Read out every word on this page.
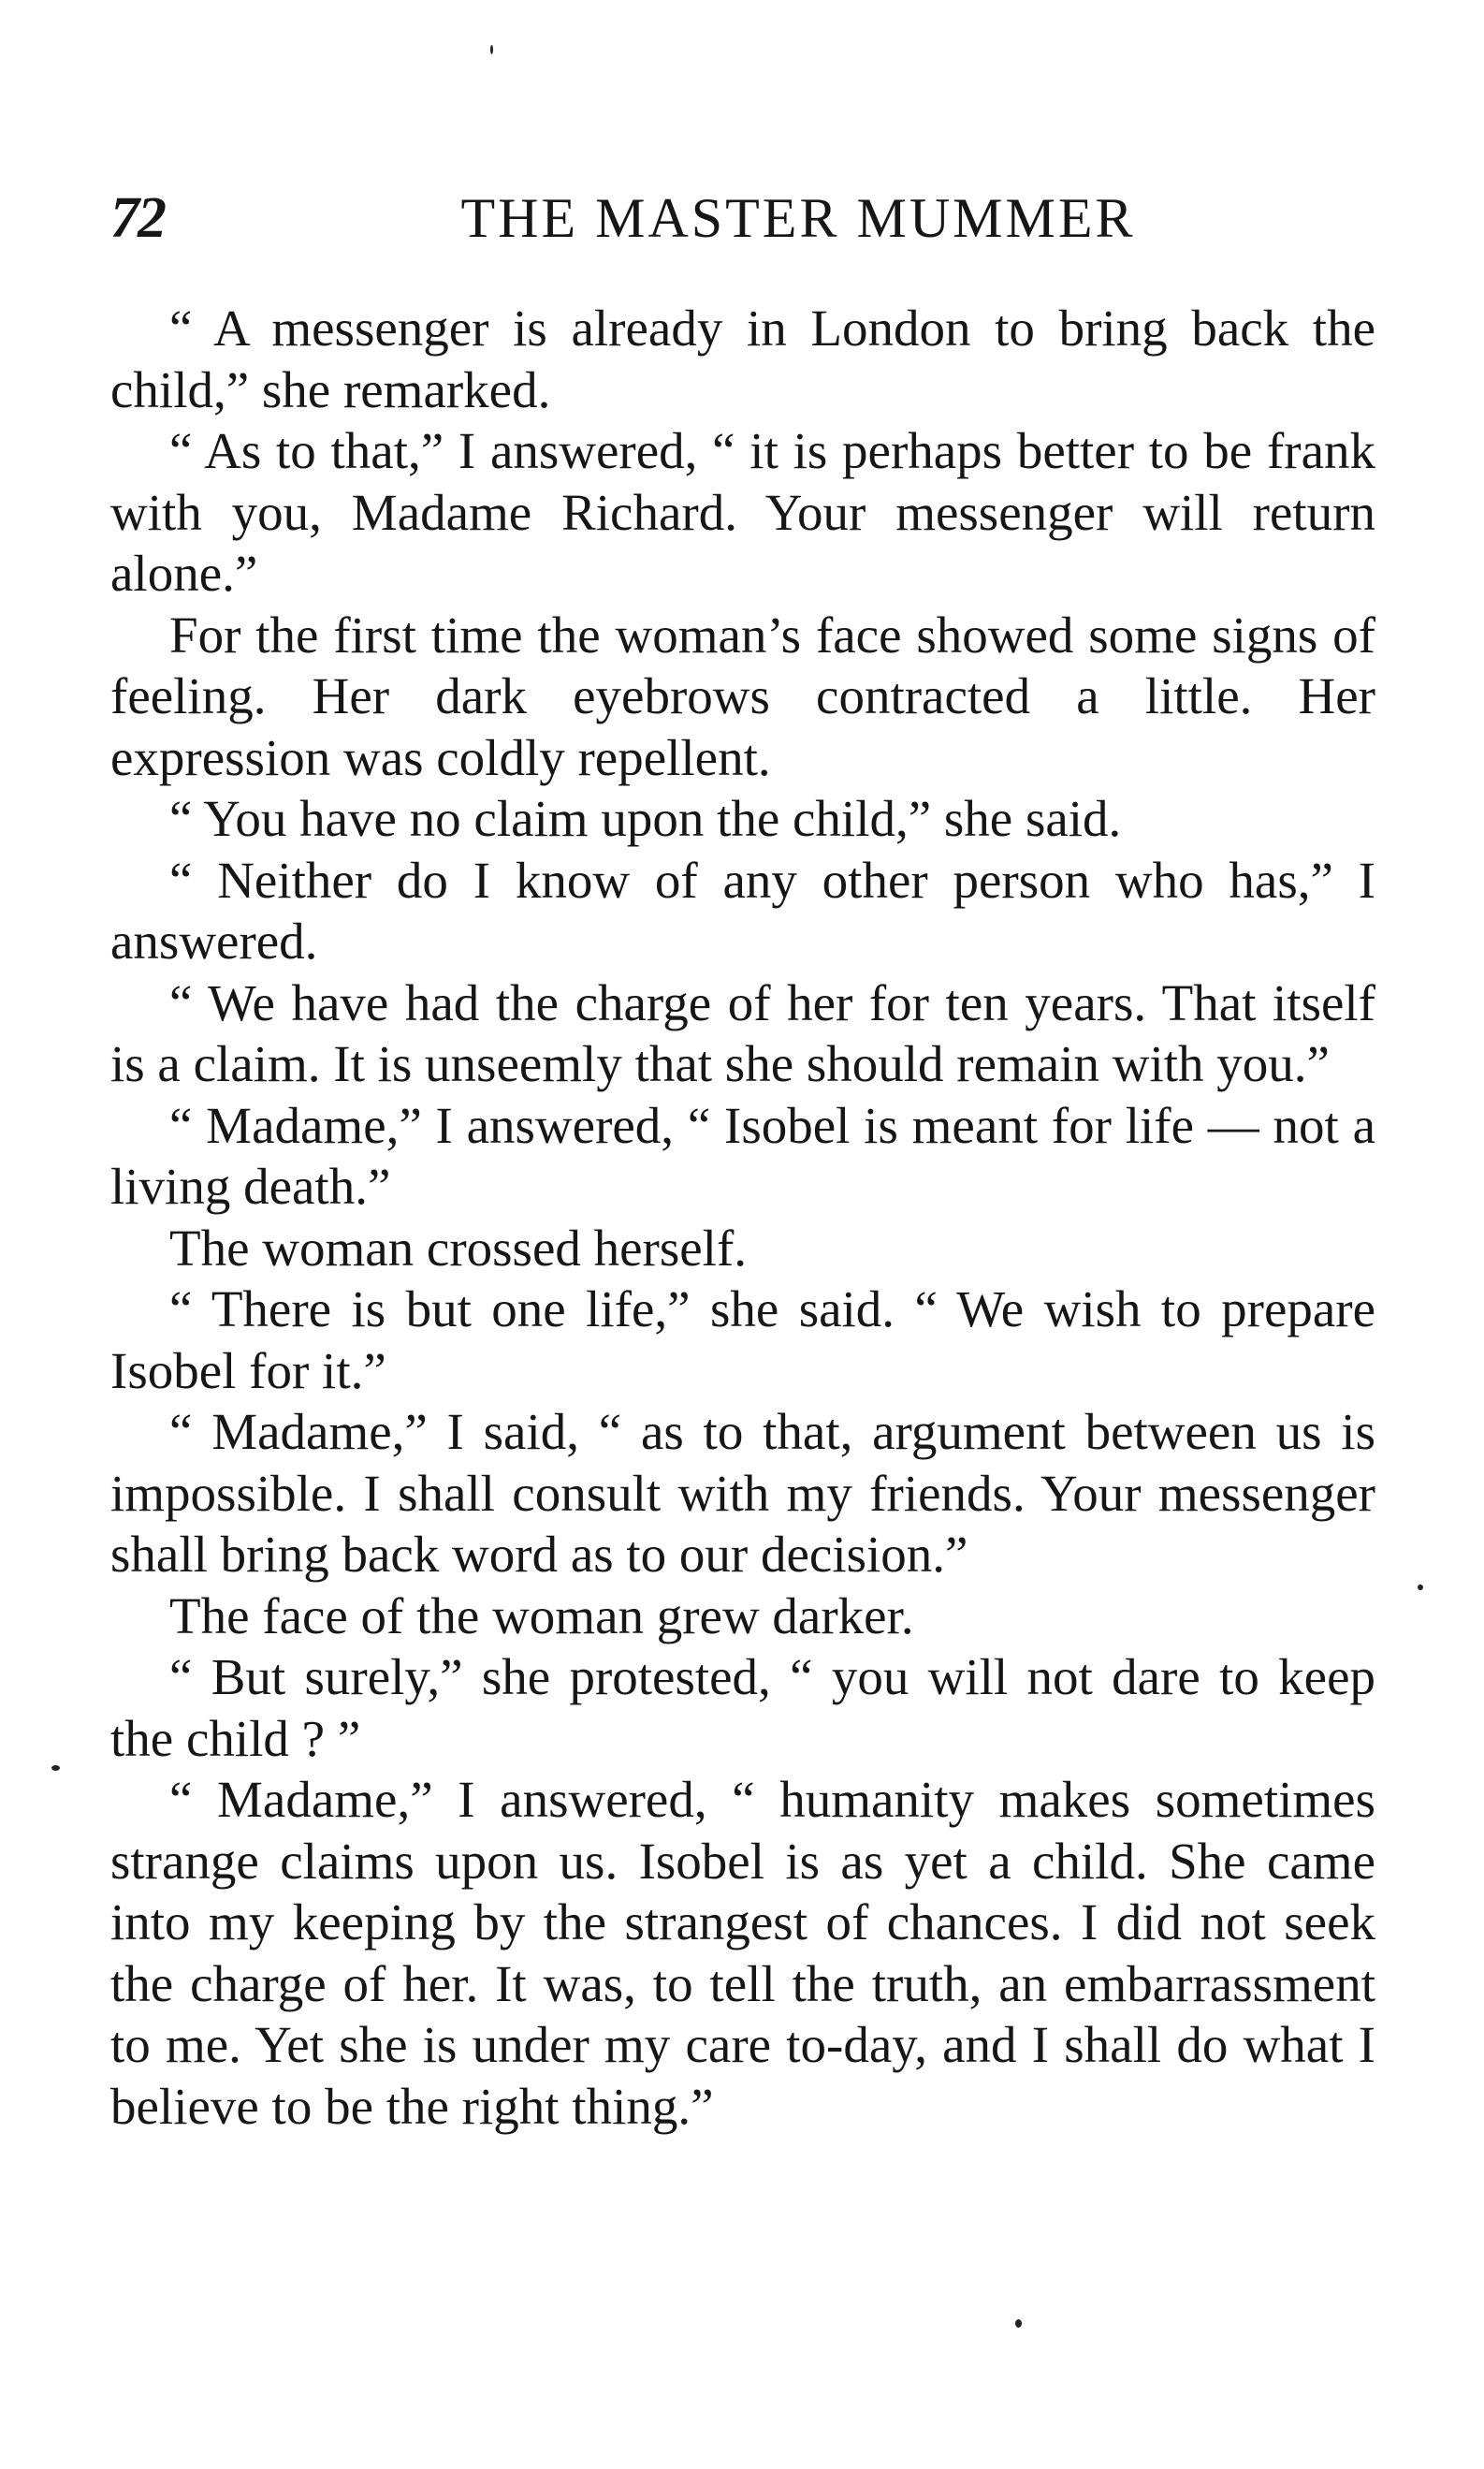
72	THE MASTER MUMMER

“ A messenger is already in London to bring back the child,” she remarked.

“ As to that,” I answered, “ it is perhaps better to be frank with you, Madame Richard. Your messenger will return alone.”

For the first time the woman’s face showed some signs of feeling. Her dark eyebrows contracted a little. Her expression was coldly repellent.

“ You have no claim upon the child,” she said.

“ Neither do I know of any other person who has,” I answered.

“ We have had the charge of her for ten years. That itself is a claim. It is unseemly that she should remain with you.”

“ Madame,” I answered, “ Isobel is meant for life — not a living death.”

The woman crossed herself.

“ There is but one life,” she said. “ We wish to prepare Isobel for it.”

“ Madame,” I said, “ as to that, argument between us is impossible. I shall consult with my friends. Your messenger shall bring back word as to our decision.”

The face of the woman grew darker.

“ But surely,” she protested, “ you will not dare to keep the child ? ”

“ Madame,” I answered, “ humanity makes sometimes strange claims upon us. Isobel is as yet a child. She came into my keeping by the strangest of chances. I did not seek the charge of her. It was, to tell the truth, an embarrassment to me. Yet she is under my care to-day, and I shall do what I believe to be the right thing.”
